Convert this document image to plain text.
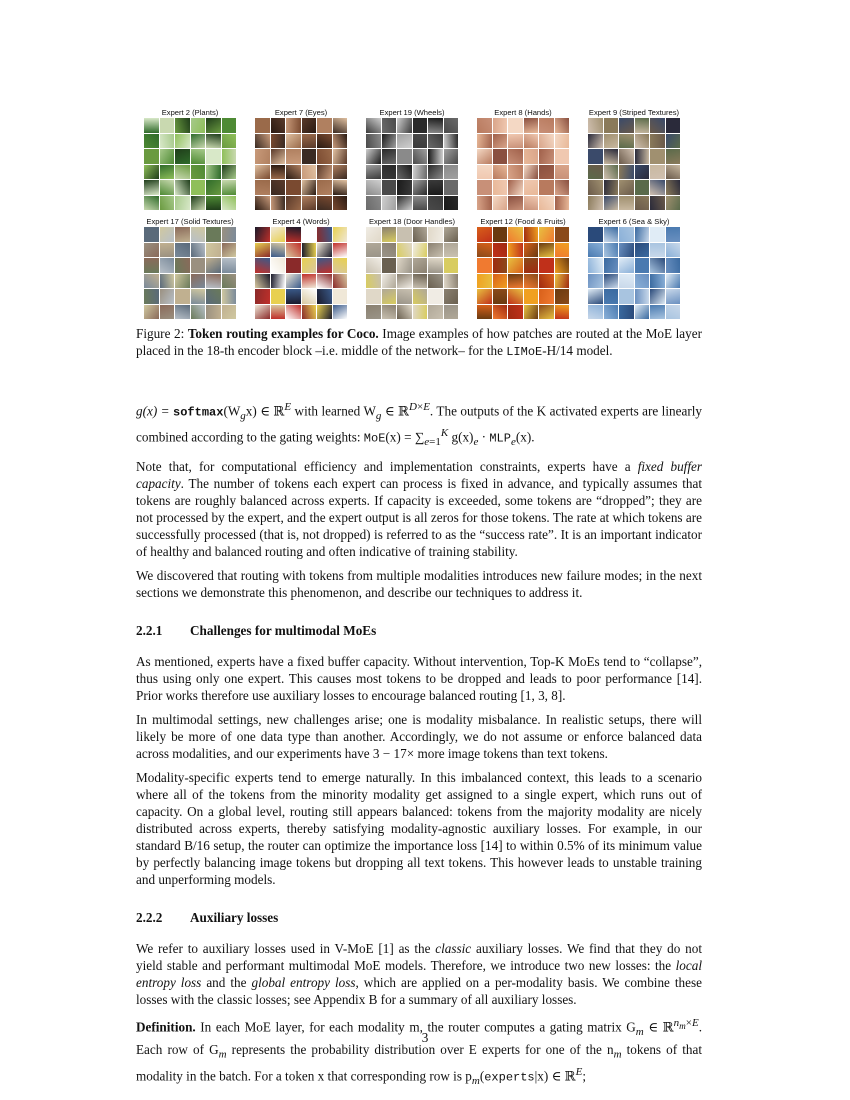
Expert 2 (Plants)	Expert 7 (Eyes)	Expert 19 (Wheels)	Expert 8 (Hands)	Expert 9 (Striped Textures)
Expert 17 (Solid Textures)	Expert 4 (Words)	Expert 18 (Door Handles)	Expert 12 (Food & Fruits)	Expert 6 (Sea & Sky)
Figure 2: Token routing examples for Coco. Image examples of how patches are routed at the MoE layer placed in the 18-th encoder block –i.e. middle of the network– for the LIMoE-H/14 model.

$g(x) = softmax(W_gx)$ ∈ ℝ$^E$ with learned $W_g$ ∈ ℝ$^{D\times E}$. The outputs of the K activated experts are linearly combined according to the gating weights: $MoE(x) = \sum_{e=1}^K$ $g(x)_e \cdot MLP_e(x)$.

Note that, for computational efficiency and implementation constraints, experts have a fixed buffer capacity. The number of tokens each expert can process is fixed in advance, and typically assumes that tokens are roughly balanced across experts. If capacity is exceeded, some tokens are “dropped”; they are not processed by the expert, and the expert output is all zeros for those tokens. The rate at which tokens are successfully processed (that is, not dropped) is referred to as the “success rate”. It is an important indicator of healthy and balanced routing and often indicative of training stability.

We discovered that routing with tokens from multiple modalities introduces new failure modes; in the next sections we demonstrate this phenomenon, and describe our techniques to address it.

2.2.1 Challenges for multimodal MoEs

As mentioned, experts have a fixed buffer capacity. Without intervention, Top-K MoEs tend to “collapse”, thus using only one expert. This causes most tokens to be dropped and leads to poor performance [14]. Prior works therefore use auxiliary losses to encourage balanced routing [1, 3, 8].

In multimodal settings, new challenges arise; one is modality misbalance. In realistic setups, there will likely be more of one data type than another. Accordingly, we do not assume or enforce balanced data across modalities, and our experiments have 3 − 17× more image tokens than text tokens.

Modality-specific experts tend to emerge naturally. In this imbalanced context, this leads to a scenario where all of the tokens from the minority modality get assigned to a single expert, which runs out of capacity. On a global level, routing still appears balanced: tokens from the majority modality are nicely distributed across experts, thereby satisfying modality-agnostic auxiliary losses. For example, in our standard B/16 setup, the router can optimize the importance loss [14] to within 0.5% of its minimum value by perfectly balancing image tokens but dropping all text tokens. This however leads to unstable training and unperforming models.

2.2.2 Auxiliary losses

We refer to auxiliary losses used in V-MoE [1] as the classic auxiliary losses. We find that they do not yield stable and performant multimodal MoE models. Therefore, we introduce two new losses: the local entropy loss and the global entropy loss, which are applied on a per-modality basis. We combine these losses with the classic losses; see Appendix B for a summary of all auxiliary losses.

Definition. In each MoE layer, for each modality m, the router computes a gating matrix $G_m$ ∈ ℝ$^{n_m\times E}$. Each row of $G_m$ represents the probability distribution over E experts for one of the $n_m$ tokens of that modality in the batch. For a token x that corresponding row is $p_m(experts|x)$ ∈ ℝ$^E$;

3
